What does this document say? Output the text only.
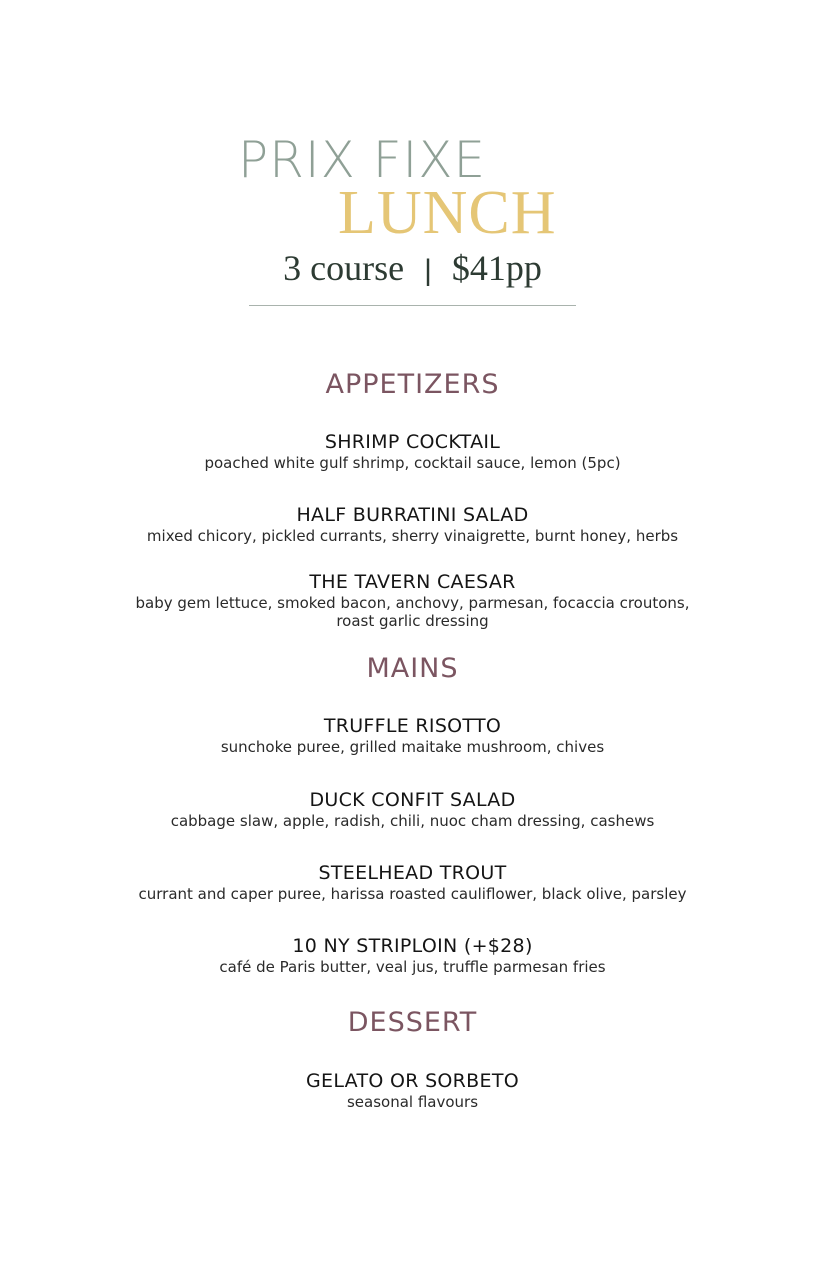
PRIX FIXE
LUNCH
3 course | $41pp
APPETIZERS
SHRIMP COCKTAIL
poached white gulf shrimp, cocktail sauce, lemon (5pc)
HALF BURRATINI SALAD
mixed chicory, pickled currants, sherry vinaigrette, burnt honey, herbs
THE TAVERN CAESAR
baby gem lettuce, smoked bacon, anchovy, parmesan, focaccia croutons, roast garlic dressing
MAINS
TRUFFLE RISOTTO
sunchoke puree, grilled maitake mushroom, chives
DUCK CONFIT SALAD
cabbage slaw, apple, radish, chili, nuoc cham dressing, cashews
STEELHEAD TROUT
currant and caper puree, harissa roasted cauliflower, black olive, parsley
10 NY STRIPLOIN (+$28)
café de Paris butter, veal jus, truffle parmesan fries
DESSERT
GELATO OR SORBETO
seasonal flavours
